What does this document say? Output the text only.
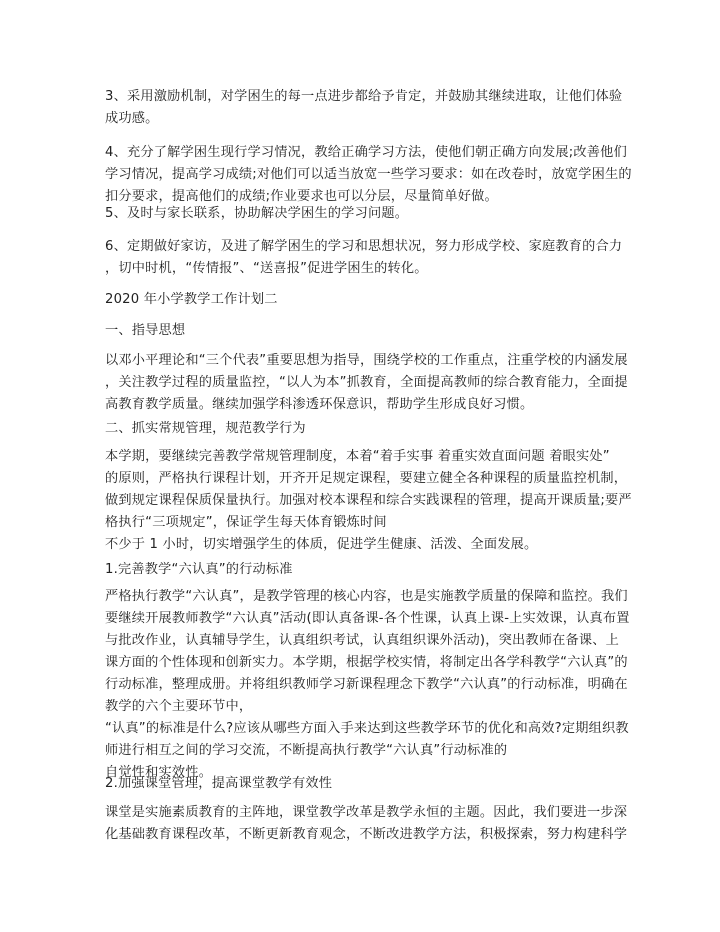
3、采用激励机制，对学困生的每一点进步都给予肯定，并鼓励其继续进取，让他们体验
成功感。
4、充分了解学困生现行学习情况，教给正确学习方法，使他们朝正确方向发展;改善他们
学习情况，提高学习成绩;对他们可以适当放宽一些学习要求：如在改卷时，放宽学困生的
扣分要求，提高他们的成绩;作业要求也可以分层，尽量简单好做。
5、及时与家长联系，协助解决学困生的学习问题。
6、定期做好家访，及进了解学困生的学习和思想状况，努力形成学校、家庭教育的合力
，切中时机，“传情报”、“送喜报”促进学困生的转化。
2020 年小学教学工作计划二
一、指导思想
以邓小平理论和“三个代表”重要思想为指导，围绕学校的工作重点，注重学校的内涵发展
，关注教学过程的质量监控，“以人为本”抓教育，全面提高教师的综合教育能力，全面提
高教育教学质量。继续加强学科渗透环保意识，帮助学生形成良好习惯。
二、抓实常规管理，规范教学行为
本学期，要继续完善教学常规管理制度，本着“着手实事 着重实效直面问题 着眼实处”
的原则，严格执行课程计划，开齐开足规定课程，要建立健全各种课程的质量监控机制，
做到规定课程保质保量执行。加强对校本课程和综合实践课程的管理，提高开课质量;要严
格执行“三项规定”，保证学生每天体育锻炼时间
不少于 1 小时，切实增强学生的体质，促进学生健康、活泼、全面发展。
1.完善教学“六认真”的行动标准
严格执行教学“六认真”，是教学管理的核心内容，也是实施教学质量的保障和监控。我们
要继续开展教师教学“六认真”活动(即认真备课-各个性课，认真上课-上实效课，认真布置
与批改作业，认真辅导学生，认真组织考试，认真组织课外活动)，突出教师在备课、上
课方面的个性体现和创新实力。本学期，根据学校实情，将制定出各学科教学“六认真”的
行动标准，整理成册。并将组织教师学习新课程理念下教学“六认真”的行动标准，明确在
教学的六个主要环节中，
“认真”的标准是什么?应该从哪些方面入手来达到这些教学环节的优化和高效?定期组织教
师进行相互之间的学习交流，不断提高执行教学“六认真”行动标准的
自觉性和实效性。
2.加强课堂管理，提高课堂教学有效性
课堂是实施素质教育的主阵地，课堂教学改革是教学永恒的主题。因此，我们要进一步深
化基础教育课程改革，不断更新教育观念，不断改进教学方法，积极探索，努力构建科学
